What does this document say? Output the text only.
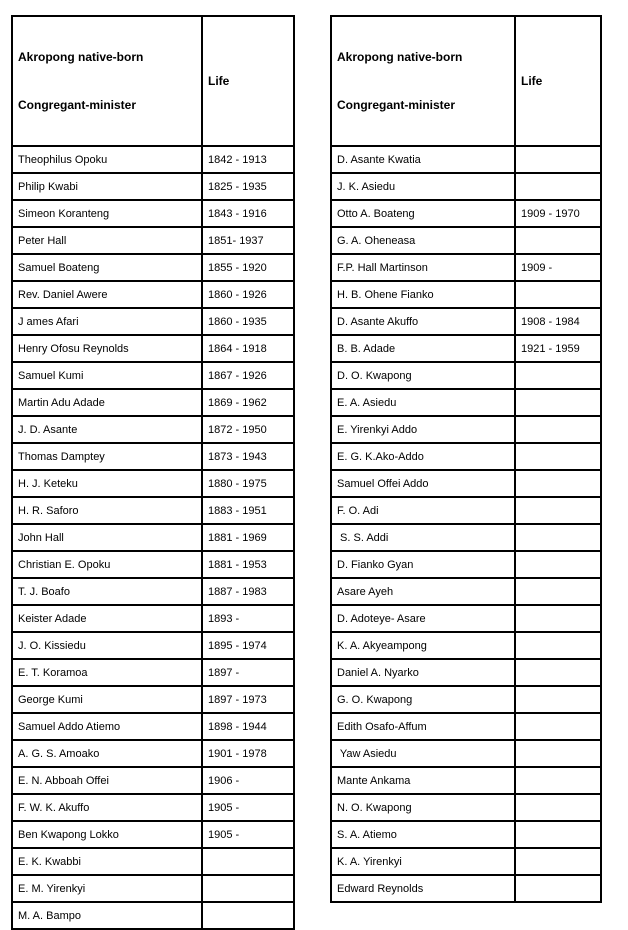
Akropong native-born

Congregant-minister	Life
Theophilus Opoku	1842 - 1913
Philip Kwabi	1825 - 1935
Simeon Koranteng	1843 - 1916
Peter Hall	1851- 1937
Samuel Boateng	1855 - 1920
Rev. Daniel Awere	1860 - 1926
J ames Afari	1860 - 1935
Henry Ofosu Reynolds	1864 - 1918
Samuel Kumi	1867 - 1926
Martin Adu Adade	1869 - 1962
J. D. Asante	1872 - 1950
Thomas Damptey	1873 - 1943
H. J. Keteku	1880 - 1975
H. R. Saforo	1883 - 1951
John Hall	1881 - 1969
Christian E. Opoku	1881 - 1953
T. J. Boafo	1887 - 1983
Keister Adade	1893 -
J. O. Kissiedu	1895 - 1974
E. T. Koramoa	1897 -
George Kumi	1897 - 1973
Samuel Addo Atiemo	1898 - 1944
A. G. S. Amoako	1901 - 1978
E. N. Abboah Offei	1906 -
F. W. K. Akuffo	1905 -
Ben Kwapong Lokko	1905 -
E. K. Kwabbi	
E. M. Yirenkyi	
M. A. Bampo	

Akropong native-born

Congregant-minister	Life
D. Asante Kwatia	
J. K. Asiedu	
Otto A. Boateng	1909 - 1970
G. A. Oheneasa	
F.P. Hall Martinson	1909 -
H. B. Ohene Fianko	
D. Asante Akuffo	1908 - 1984
B. B. Adade	1921 - 1959
D. O. Kwapong	
E. A. Asiedu	
E. Yirenkyi Addo	
E. G. K.Ako-Addo	
Samuel Offei Addo	
F. O. Adi	
S. S. Addi	
D. Fianko Gyan	
Asare Ayeh	
D. Adoteye- Asare	
K. A. Akyeampong	
Daniel A. Nyarko	
G. O. Kwapong	
Edith Osafo-Affum	
Yaw Asiedu	
Mante Ankama	
N. O. Kwapong	
S. A. Atiemo	
K. A. Yirenkyi	
Edward Reynolds	
